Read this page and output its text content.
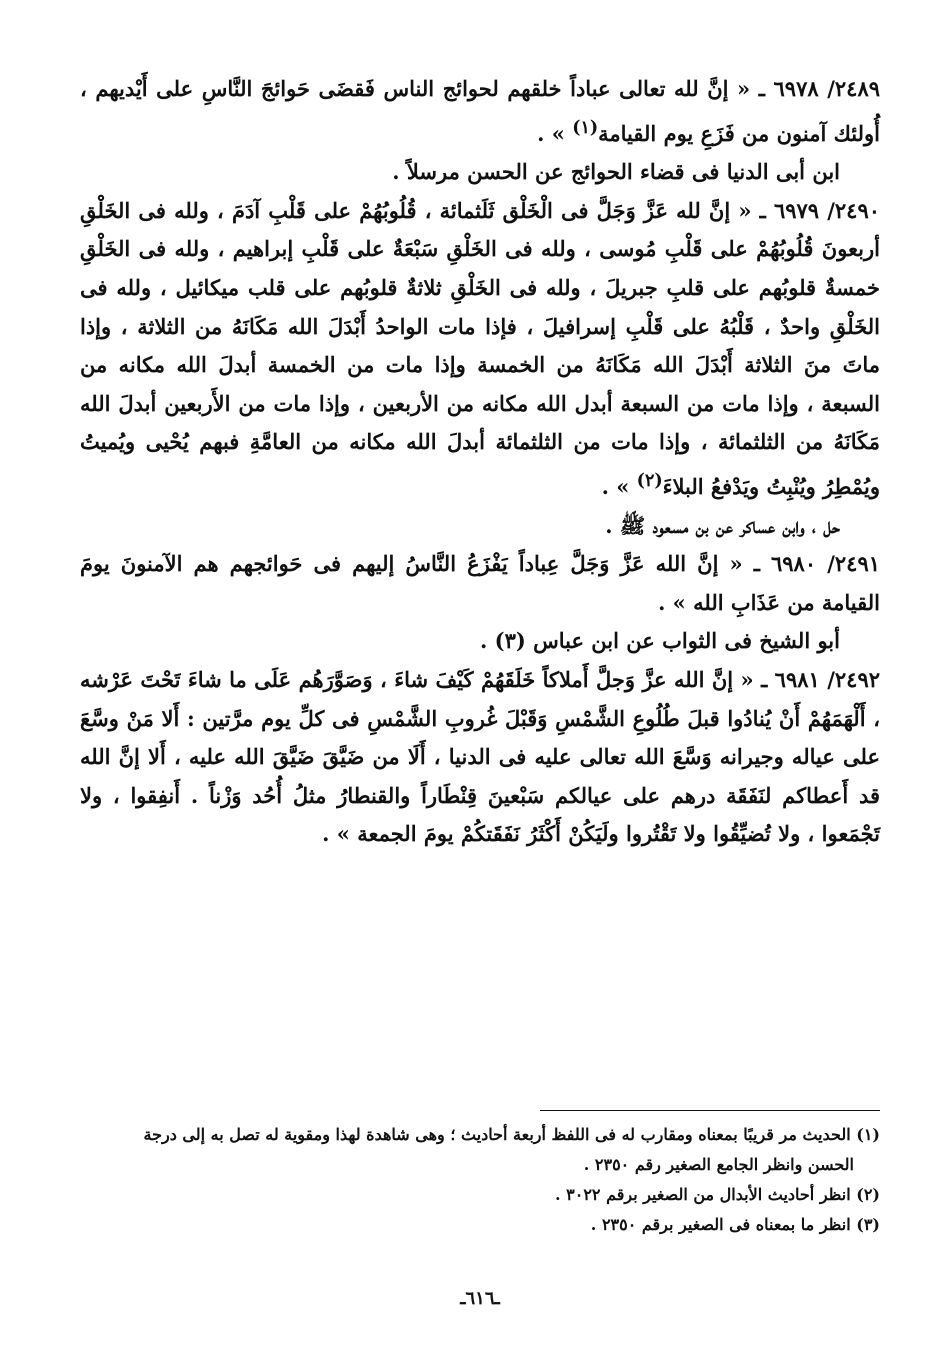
٢٤٨٩/ ٦٩٧٨ ـ « إنَّ لله تعالى عباداً خلقهم لحوائج الناس فَقضَى حَوائجَ النَّاسِ على أَيْديهم ، أُولئك آمنون من فَزَعِ يوم القيامة$^{(١)}$ » .

ابن أبى الدنيا فى قضاء الحوائج عن الحسن مرسلاً .

٢٤٩٠/ ٦٩٧٩ ـ « إنَّ لله عَزَّ وَجَلَّ فى الْخَلْق ثَلَثمائة ، قُلُوبُهُمْ على قَلْبِ آدَمَ ، ولله فى الخَلْقِ أربعونَ قُلُوبُهُمْ على قَلْبِ مُوسى ، ولله فى الخَلْقِ سَبْعَةٌ على قَلْبِ إبراهيم ، ولله فى الخَلْقِ خمسةٌ قلوبُهم على قلبِ جبريلَ ، ولله فى الخَلْقِ ثلاثةٌ قلوبُهم على قلب ميكائيل ، ولله فى الخَلْقِ واحدٌ ، قَلْبُهُ على قَلْبِ إسرافيلَ ، فإذا مات الواحدُ أَبْدَلَ الله مَكَانَهُ من الثلاثة ، وإذا ماتَ منَ الثلاثة أَبْدَلَ الله مَكَانَهُ من الخمسة وإذا مات من الخمسة أبدلَ الله مكانه من السبعة ، وإذا مات من السبعة أبدل الله مكانه من الأربعين ، وإذا مات من الأَربعين أبدلَ الله مَكَانَهُ من الثلثمائة ، وإذا مات من الثلثمائة أبدلَ الله مكانه من العامَّةِ فبهم يُحْيى ويُميتُ ويُمْطِرُ ويُنْبِتُ ويَدْفعُ البلاءَ$^{(٢)}$ » .

حل ، وابن عساكر عن بن مسعود ﷺ .

٢٤٩١/ ٦٩٨٠ ـ « إنَّ الله عَزَّ وَجَلَّ عِباداً يَفْزَعُ النَّاسُ إليهم فى حَوائجهم هم الآمنونَ يومَ القيامة من عَذَابِ الله » .

أبو الشيخ فى الثواب عن ابن عباس (٣) .

٢٤٩٢/ ٦٩٨١ ـ « إنَّ الله عزَّ وَجلَّ أَملاكاً خَلَقَهُمْ كَيْفَ شاءَ ، وَصَوَّرَهُم عَلَى ما شاءَ تَحْتَ عَرْشه ، أَلْهَمَهُمْ أَنْ يُنادُوا قبلَ طُلُوعِ الشَّمْسِ وَقَبْلَ غُروبِ الشَّمْسِ فى كلِّ يوم مرَّتين : أَلا مَنْ وسَّعَ على عياله وجيرانه وَسَّعَ الله تعالى عليه فى الدنيا ، أَلَا من ضَيَّقَ ضَيَّقَ الله عليه ، أَلا إنَّ الله قد أَعطاكم لنَفَقَة درهم على عيالكم سَبْعينَ قِنْطَاراً والقنطارُ مثلُ أُحُد وَزْناً . أَنفِقوا ، ولا تَجْمَعوا ، ولا تُضيِّقُوا ولا تَقْتُروا ولَيَكُنْ أَكْثَرُ نَفَقَتكُمْ يومَ الجمعة » .

(١) الحديث مر قريبًا بمعناه ومقارب له فى اللفظ أربعة أحاديث ؛ وهى شاهدة لهذا ومقوية له تصل به إلى درجة

الحسن وانظر الجامع الصغير رقم ٢٣٥٠ .

(٢) انظر أحاديث الأبدال من الصغير برقم ٣٠٢٢ .

(٣) انظر ما بمعناه فى الصغير برقم ٢٣٥٠ .

ـ٦١٦ـ
